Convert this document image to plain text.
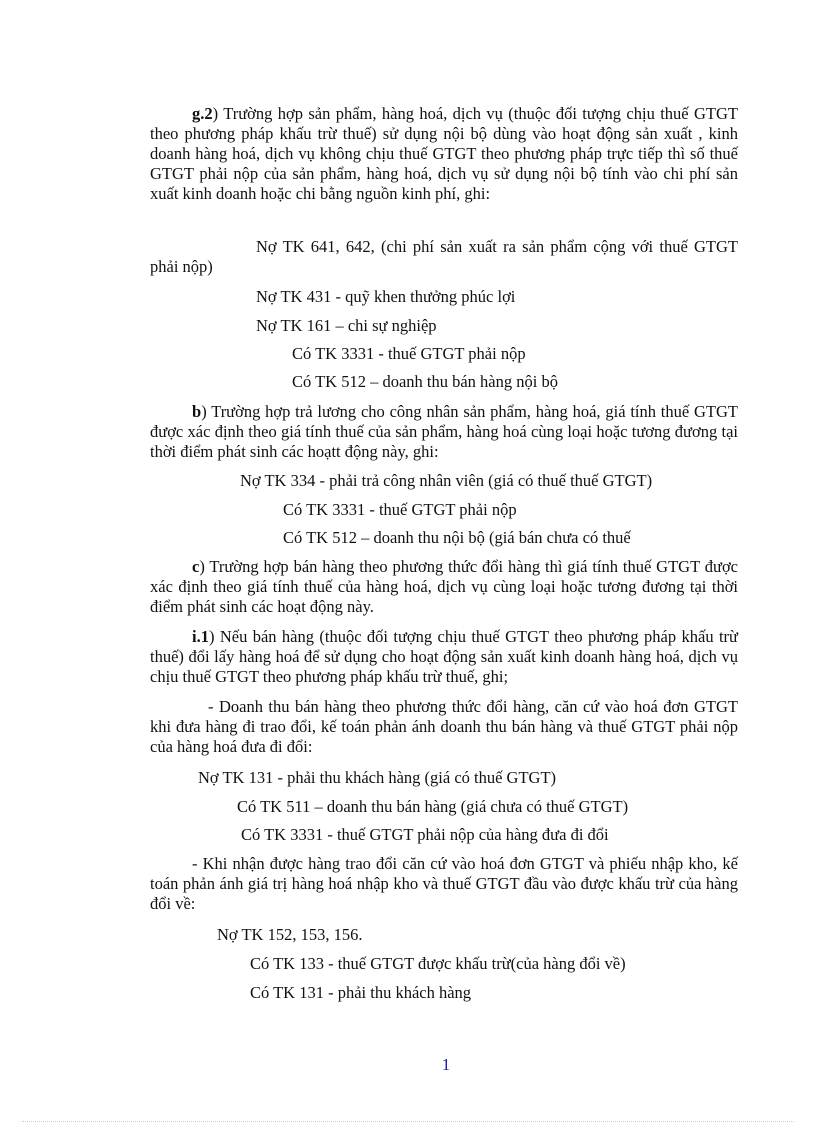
g.2) Trường hợp sản phẩm, hàng hoá, dịch vụ (thuộc đối tượng chịu thuế GTGT theo phương pháp khấu trừ thuế) sử dụng nội bộ dùng vào hoạt động sản xuất , kinh doanh hàng hoá, dịch vụ không chịu thuế GTGT theo phương pháp trực tiếp thì số thuế GTGT phải nộp của sản phẩm, hàng hoá, dịch vụ sử dụng nội bộ tính vào chi phí sản xuất kinh doanh hoặc chi bằng nguồn kinh phí, ghi:

Nợ TK 641, 642, (chi phí sản xuất ra sản phẩm cộng với thuế GTGT phải nộp)

Nợ TK 431 - quỹ khen thưởng phúc lợi

Nợ TK 161 – chi sự nghiệp

Có TK 3331 - thuế GTGT phải nộp

Có TK 512 – doanh thu bán hàng nội bộ

b) Trường hợp trả lương cho công nhân sản phẩm, hàng hoá, giá tính thuế GTGT được xác định theo giá tính thuế của sản phẩm, hàng hoá cùng loại hoặc tương đương tại thời điểm phát sinh các hoạtt động này, ghi:

Nợ TK 334 - phải trả công nhân viên (giá có thuế thuế GTGT)

Có TK 3331 - thuế GTGT phải nộp

Có TK 512 – doanh thu nội bộ (giá bán chưa có thuế

c) Trường hợp bán hàng theo phương thức đổi hàng thì giá tính thuế GTGT được xác định theo giá tính thuế của hàng hoá, dịch vụ cùng loại hoặc tương đương tại thời điểm phát sinh các hoạt động này.

i.1) Nếu bán hàng (thuộc đối tượng chịu thuế GTGT theo phương pháp khấu trừ thuế) đổi lấy hàng hoá để sử dụng cho hoạt động sản xuất kinh doanh hàng hoá, dịch vụ chịu thuế GTGT theo phương pháp khấu trừ thuế, ghi;

- Doanh thu bán hàng theo phương thức đổi hàng, căn cứ vào hoá đơn GTGT khi đưa hàng đi trao đổi, kế toán phản ánh doanh thu bán hàng và thuế GTGT phải nộp của hàng hoá đưa đi đổi:

Nợ TK 131 - phải thu khách hàng (giá có thuế GTGT)

Có TK 511 – doanh thu bán hàng (giá chưa có thuế GTGT)

Có TK 3331 - thuế GTGT phải nộp của hàng đưa đi đổi

- Khi nhận được hàng trao đổi căn cứ vào hoá đơn GTGT và phiếu nhập kho, kế toán phản ánh giá trị hàng hoá nhập kho và thuế GTGT đầu vào được khấu trừ của hàng đổi về:

Nợ TK 152, 153, 156.

Có TK 133 - thuế GTGT được khấu trừ(của hàng đổi về)

Có TK 131 - phải thu khách hàng

1
